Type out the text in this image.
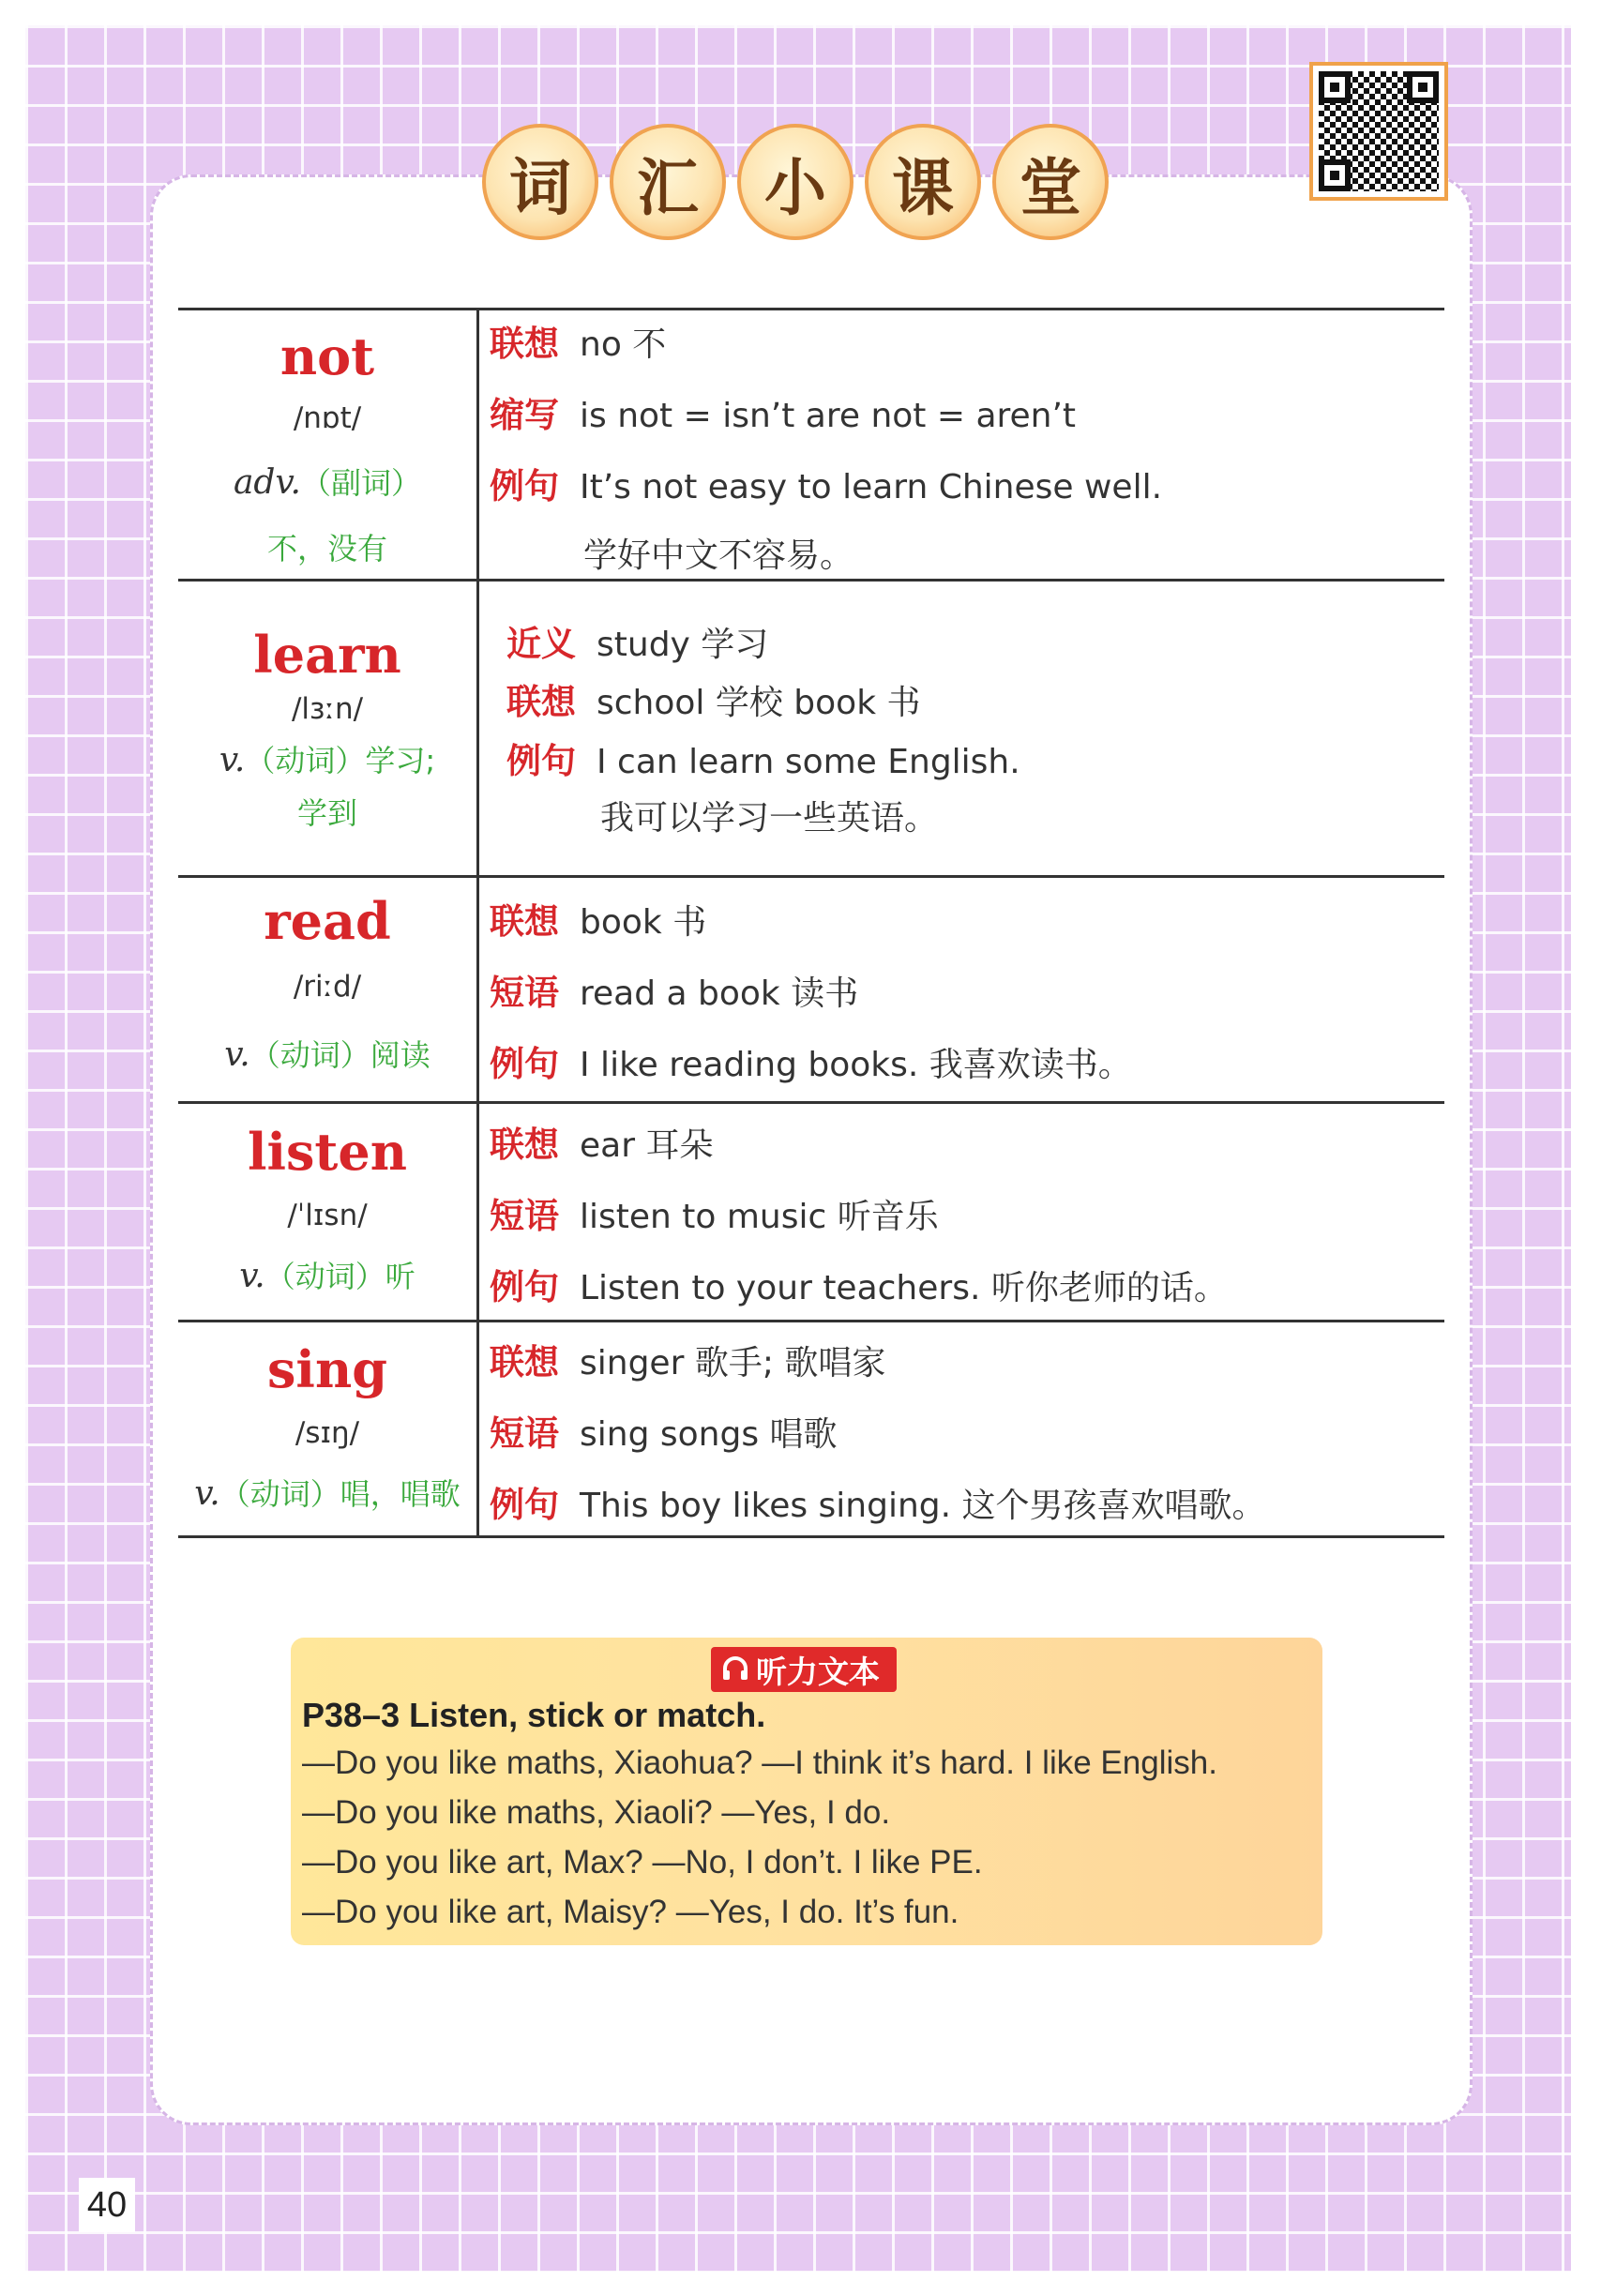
词	汇	小	课	堂
not
/nɒt/
adv.（副词）
不，没有
联想 no 不
缩写 is not = isn’t are not = aren’t
例句 It’s not easy to learn Chinese well.
学好中文不容易。
learn
/lɜːn/
v.（动词）学习;
学到
近义 study 学习
联想 school 学校 book 书
例句 I can learn some English.
我可以学习一些英语。
read
/riːd/
v.（动词）阅读
联想 book 书
短语 read a book 读书
例句 I like reading books. 我喜欢读书。
listen
/ˈlɪsn/
v.（动词）听
联想 ear 耳朵
短语 listen to music 听音乐
例句 Listen to your teachers. 听你老师的话。
sing
/sɪŋ/
v.（动词）唱，唱歌
联想 singer 歌手; 歌唱家
短语 sing songs 唱歌
例句 This boy likes singing. 这个男孩喜欢唱歌。
听力文本
P38–3 Listen, stick or match.
—Do you like maths, Xiaohua? —I think it’s hard. I like English.
—Do you like maths, Xiaoli? —Yes, I do.
—Do you like art, Max? —No, I don’t. I like PE.
—Do you like art, Maisy? —Yes, I do. It’s fun.
40
